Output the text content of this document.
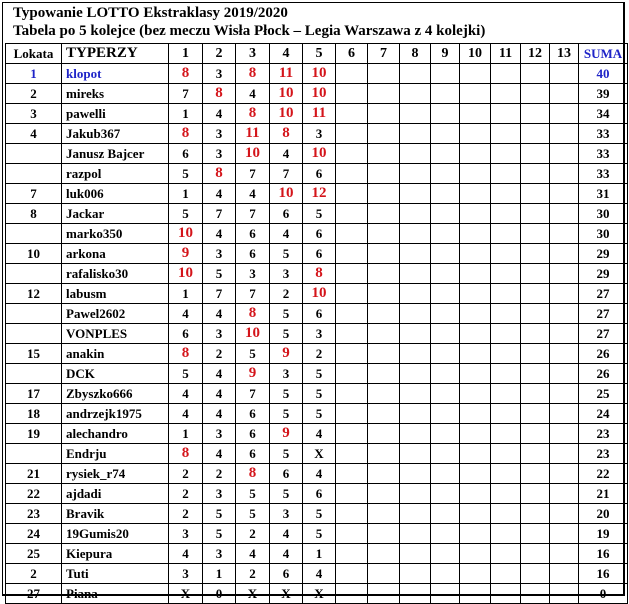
Typowanie LOTTO Ekstraklasy 2019/2020
Tabela po 5 kolejce (bez meczu Wisła Płock – Legia Warszawa z 4 kolejki)
Lokata	TYPERZY	1	2	3	4	5	6	7	8	9	10	11	12	13	SUMA
1	klopot	8	3	8	11	10									40
2	mireks	7	8	4	10	10									39
3	pawelli	1	4	8	10	11									34
4	Jakub367	8	3	11	8	3									33
	Janusz Bajcer	6	3	10	4	10									33
	razpol	5	8	7	7	6									33
7	luk006	1	4	4	10	12									31
8	Jackar	5	7	7	6	5									30
	marko350	10	4	6	4	6									30
10	arkona	9	3	6	5	6									29
	rafalisko30	10	5	3	3	8									29
12	labusm	1	7	7	2	10									27
	Pawel2602	4	4	8	5	6									27
	VONPLES	6	3	10	5	3									27
15	anakin	8	2	5	9	2									26
	DCK	5	4	9	3	5									26
17	Zbyszko666	4	4	7	5	5									25
18	andrzejk1975	4	4	6	5	5									24
19	alechandro	1	3	6	9	4									23
	Endrju	8	4	6	5	X									23
21	rysiek_r74	2	2	8	6	4									22
22	ajdadi	2	3	5	5	6									21
23	Bravik	2	5	5	3	5									20
24	19Gumis20	3	5	2	4	5									19
25	Kiepura	4	3	4	4	1									16
2	Tuti	3	1	2	6	4									16
27	Piana	X	0	X	X	X									0
